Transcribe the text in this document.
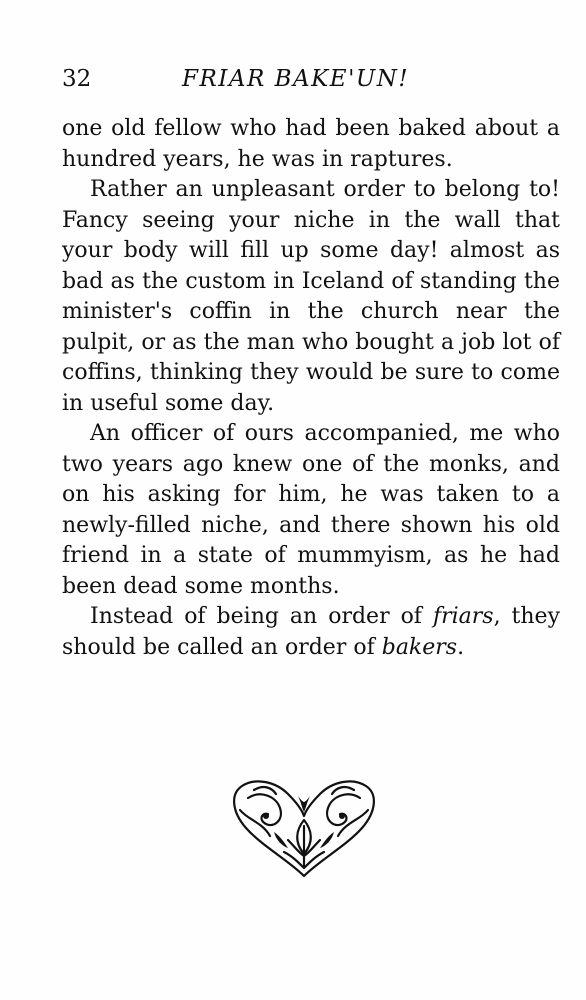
32	FRIAR BAKE'UN!

one old fellow who had been baked about a hundred years, he was in raptures.

Rather an unpleasant order to belong to! Fancy seeing your niche in the wall that your body will fill up some day! almost as bad as the custom in Iceland of standing the minister's coffin in the church near the pulpit, or as the man who bought a job lot of coffins, thinking they would be sure to come in useful some day.

An officer of ours accompanied, me who two years ago knew one of the monks, and on his asking for him, he was taken to a newly-filled niche, and there shown his old friend in a state of mummyism, as he had been dead some months.

Instead of being an order of friars, they should be called an order of bakers.
